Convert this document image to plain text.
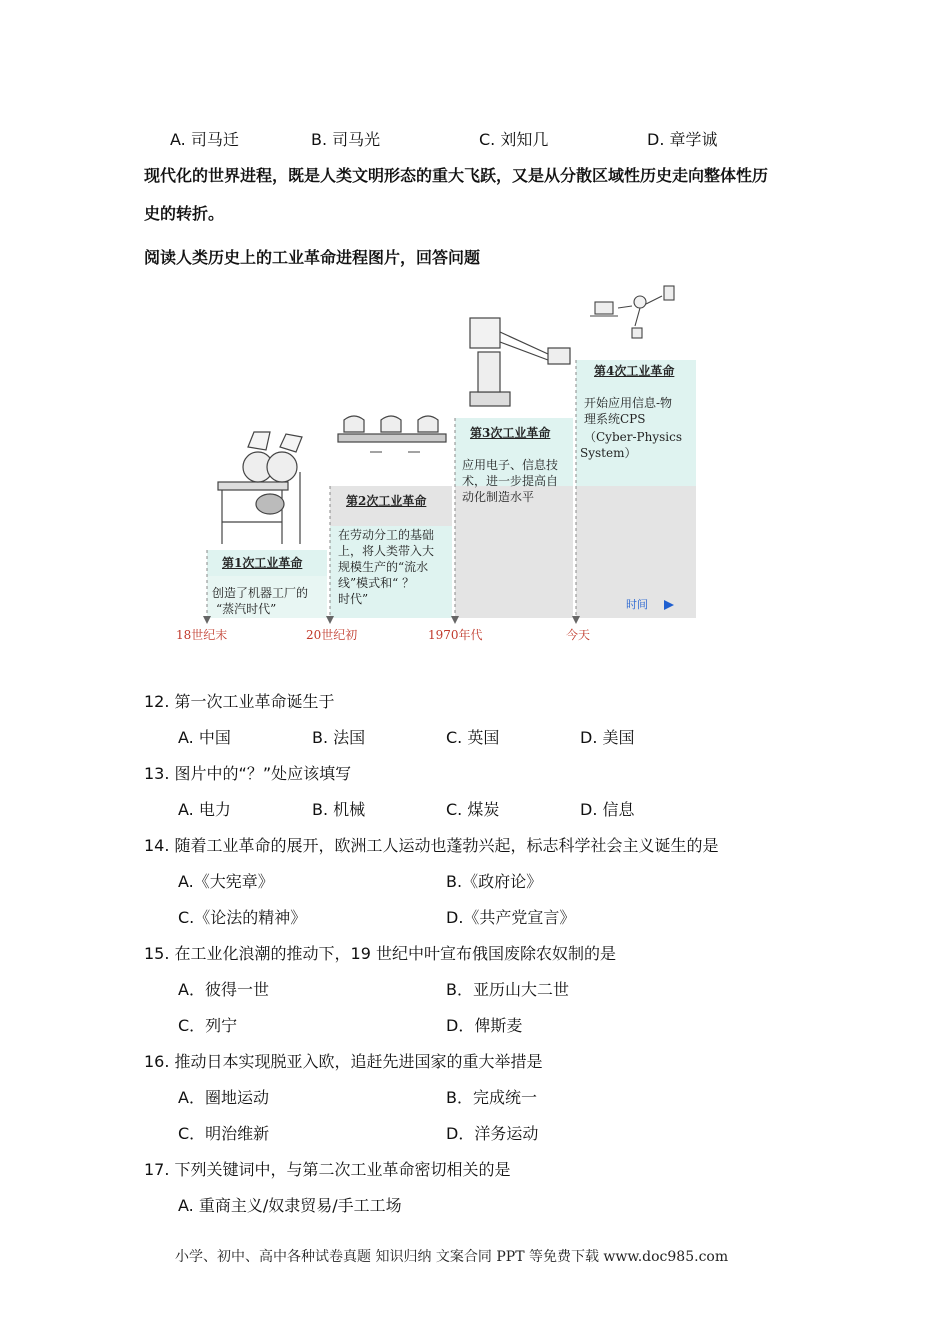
A. 司马迁	B. 司马光	C. 刘知几	D. 章学诚
现代化的世界进程，既是人类文明形态的重大飞跃，又是从分散区域性历史走向整体性历
史的转折。
阅读人类历史上的工业革命进程图片，回答问题
第1次工业革命
创造了机器工厂的
“蒸汽时代”
第2次工业革命
在劳动分工的基础
上，将人类带入大
规模生产的“流水
线”模式和“ ？
时代”
第3次工业革命
应用电子、信息技
术，进一步提高自
动化制造水平
第4次工业革命
开始应用信息-物
理系统CPS
（Cyber-Physics
System）
时间
18世纪末	20世纪初	1970年代	今天
12. 第一次工业革命诞生于
A. 中国	B. 法国	C. 英国	D. 美国
13. 图片中的“？”处应该填写
A. 电力	B. 机械	C. 煤炭	D. 信息
14. 随着工业革命的展开，欧洲工人运动也蓬勃兴起，标志科学社会主义诞生的是
A.《大宪章》	B.《政府论》
C.《论法的精神》	D.《共产党宣言》
15. 在工业化浪潮的推动下，19 世纪中叶宣布俄国废除农奴制的是
A．彼得一世	B．亚历山大二世
C．列宁	D．俾斯麦
16. 推动日本实现脱亚入欧，追赶先进国家的重大举措是
A．圈地运动	B．完成统一
C．明治维新	D．洋务运动
17. 下列关键词中，与第二次工业革命密切相关的是
A. 重商主义/奴隶贸易/手工工场
小学、初中、高中各种试卷真题 知识归纳 文案合同 PPT 等免费下载 www.doc985.com
